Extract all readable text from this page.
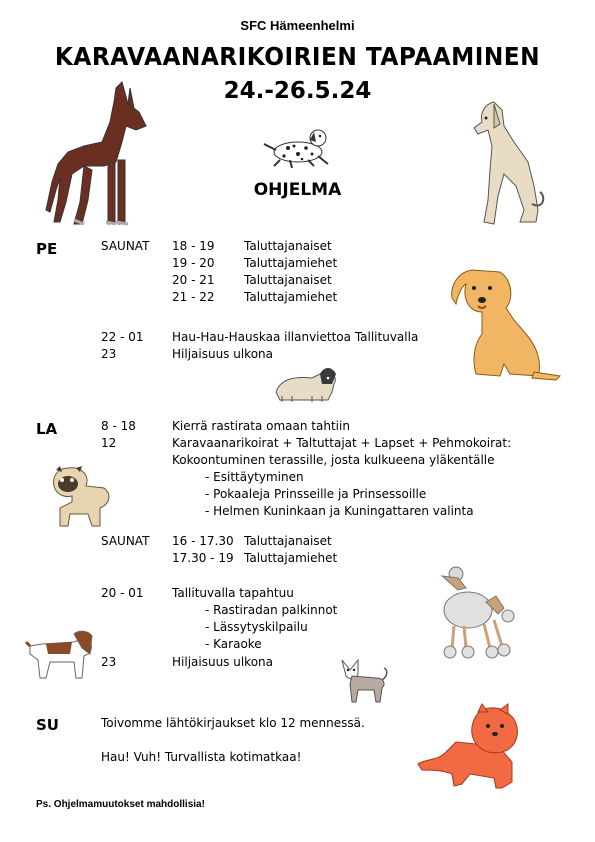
SFC Hämeenhelmi
KARAVAANARIKOIRIEN TAPAAMINEN
24.-26.5.24
OHJELMA
PE	SAUNAT 18 - 19 Taluttajanaiset
19 - 20 Taluttajamiehet
20 - 21 Taluttajanaiset
21 - 22 Taluttajamiehet
22 - 01 Hau-Hau-Hauskaa illanviettoa Tallituvalla
23	Hiljaisuus ulkona
LA	8 - 18	Kierrä rastirata omaan tahtiin
12	Karavaanarikoirat + Taltuttajat + Lapset + Pehmokoirat:
Kokoontuminen terassille, josta kulkueena yläkentälle
- Esittäytyminen
- Pokaaleja Prinsseille ja Prinsessoille
- Helmen Kuninkaan ja Kuningattaren valinta
SAUNAT 16 - 17.30 Taluttajanaiset
17.30 - 19 Taluttajamiehet
20 - 01 Tallituvalla tapahtuu
- Rastiradan palkinnot
- Lässytyskilpailu
- Karaoke
23	Hiljaisuus ulkona
SU	Toivomme lähtökirjaukset klo 12 mennessä.
Hau! Vuh! Turvallista kotimatkaa!
Ps. Ohjelmamuutokset mahdollisia!
